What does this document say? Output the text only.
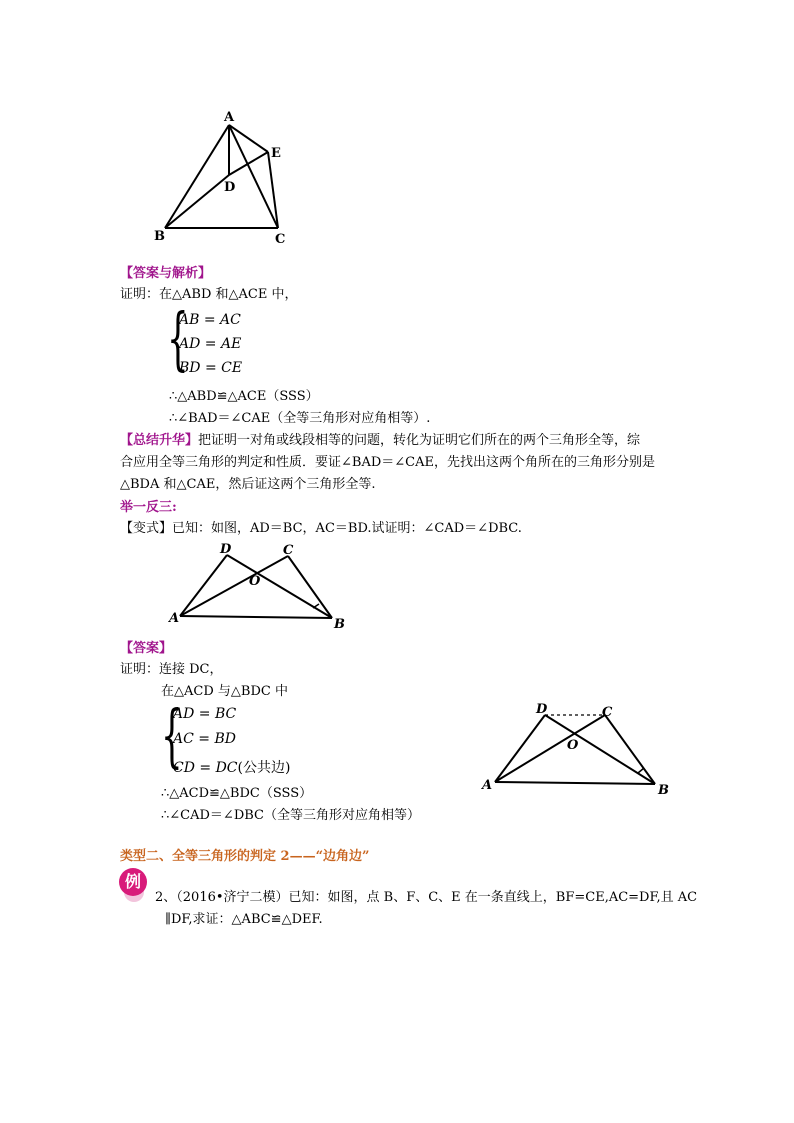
A
E
D
B	C
【答案与解析】
证明：在△ABD 和△ACE 中，
{
AB = AC
AD = AE
BD = CE
∴△ABD≌△ACE（SSS）
∴∠BAD＝∠CAE（全等三角形对应角相等）.
【总结升华】把证明一对角或线段相等的问题，转化为证明它们所在的两个三角形全等，综
合应用全等三角形的判定和性质．要证∠BAD＝∠CAE，先找出这两个角所在的三角形分别是
△BDA 和△CAE，然后证这两个三角形全等.
举一反三:
【变式】已知：如图，AD＝BC，AC＝BD.试证明：∠CAD＝∠DBC.
D	C
O
A	B
【答案】
证明：连接 DC，
在△ACD 与△BDC 中
{
AD = BC
AC = BD
CD = DC(公共边)
∴△ACD≌△BDC（SSS）
∴∠CAD＝∠DBC（全等三角形对应角相等）
D	C
O
A	B
类型二、全等三角形的判定 2——“边角边”
例
2、（2016•济宁二模）已知：如图，点 B、F、C、E 在一条直线上，BF=CE,AC=DF,且 AC
∥DF,求证：△ABC≌△DEF.
